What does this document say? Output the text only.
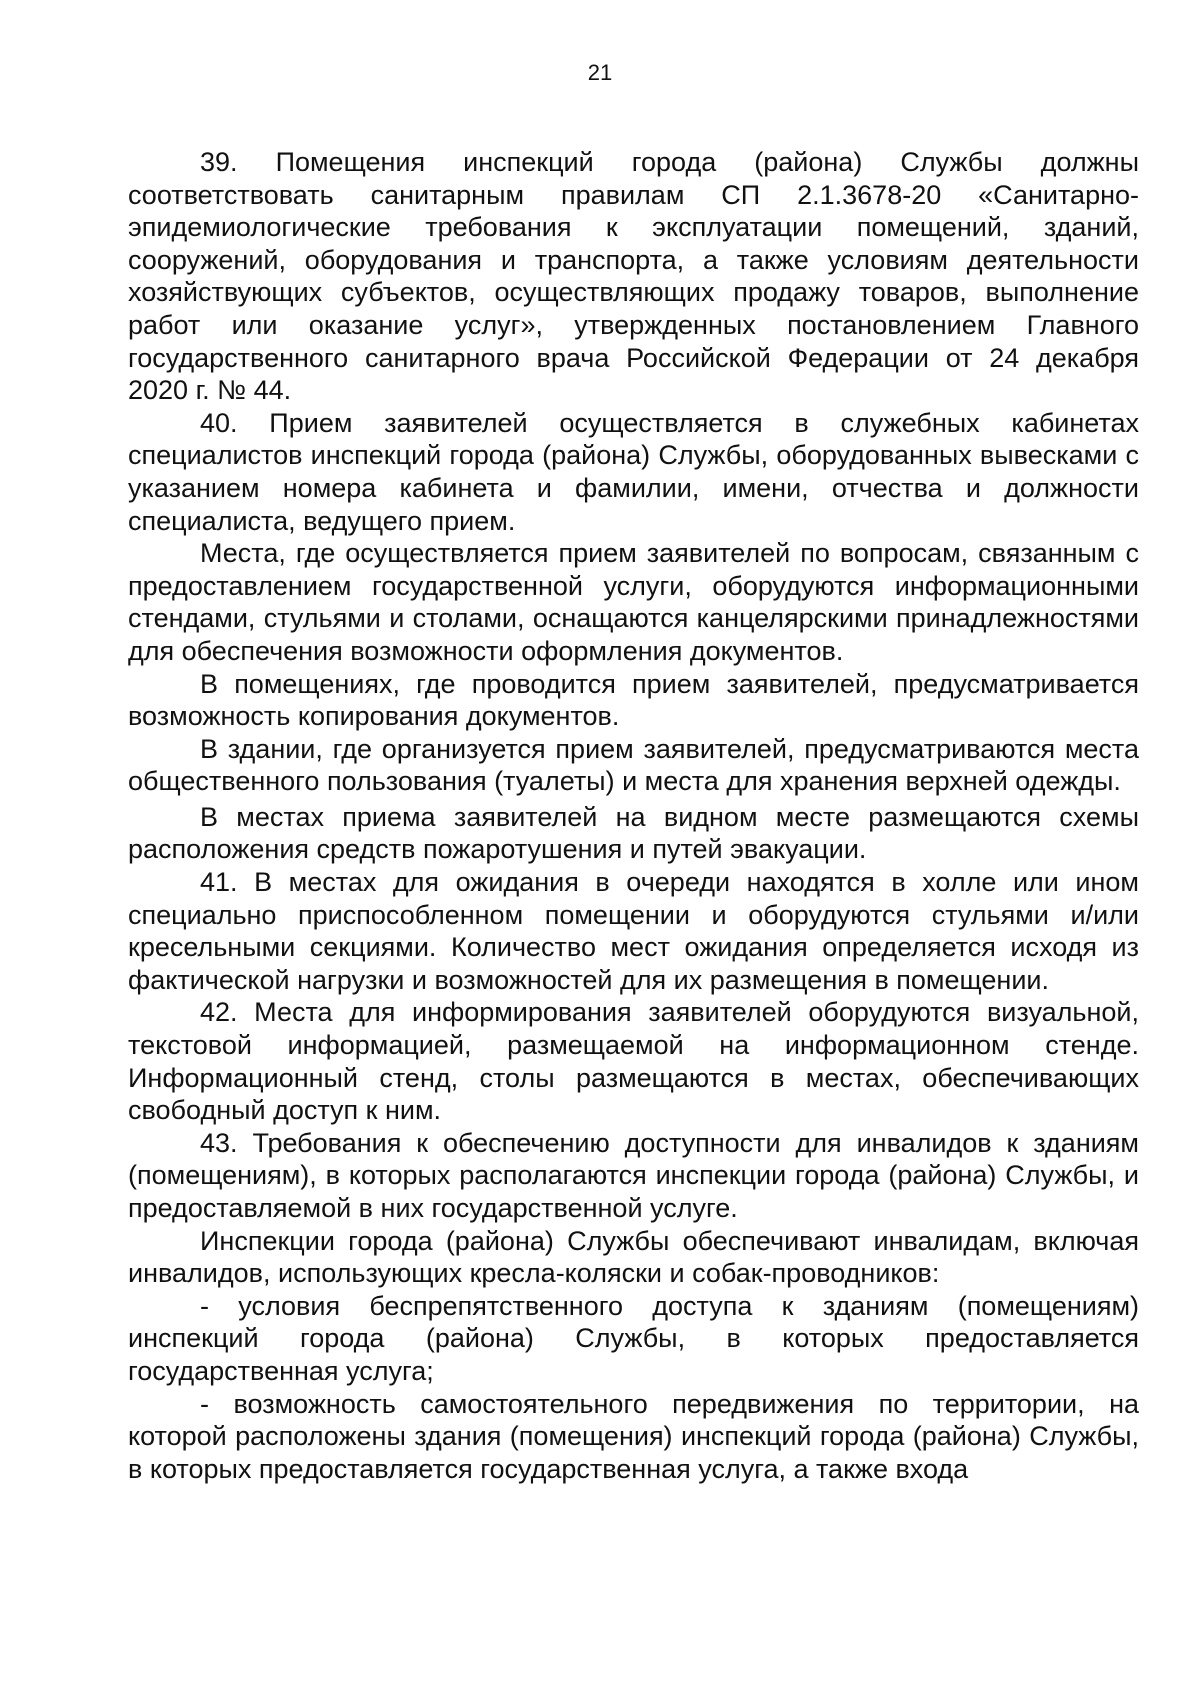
21

39. Помещения инспекций города (района) Службы должны соответствовать санитарным правилам СП 2.1.3678-20 «Санитарно-эпидемиологические требования к эксплуатации помещений, зданий, сооружений, оборудования и транспорта, а также условиям деятельности хозяйствующих субъектов, осуществляющих продажу товаров, выполнение работ или оказание услуг», утвержденных постановлением Главного государственного санитарного врача Российской Федерации от 24 декабря 2020 г. № 44.

40. Прием заявителей осуществляется в служебных кабинетах специалистов инспекций города (района) Службы, оборудованных вывесками с указанием номера кабинета и фамилии, имени, отчества и должности специалиста, ведущего прием.

Места, где осуществляется прием заявителей по вопросам, связанным с предоставлением государственной услуги, оборудуются информационными стендами, стульями и столами, оснащаются канцелярскими принадлежностями для обеспечения возможности оформления документов.

В помещениях, где проводится прием заявителей, предусматривается возможность копирования документов.

В здании, где организуется прием заявителей, предусматриваются места общественного пользования (туалеты) и места для хранения верхней одежды.

В местах приема заявителей на видном месте размещаются схемы расположения средств пожаротушения и путей эвакуации.

41. В местах для ожидания в очереди находятся в холле или ином специально приспособленном помещении и оборудуются стульями и/или кресельными секциями. Количество мест ожидания определяется исходя из фактической нагрузки и возможностей для их размещения в помещении.

42. Места для информирования заявителей оборудуются визуальной, текстовой информацией, размещаемой на информационном стенде. Информационный стенд, столы размещаются в местах, обеспечивающих свободный доступ к ним.

43. Требования к обеспечению доступности для инвалидов к зданиям (помещениям), в которых располагаются инспекции города (района) Службы, и предоставляемой в них государственной услуге.

Инспекции города (района) Службы обеспечивают инвалидам, включая инвалидов, использующих кресла-коляски и собак-проводников:

- условия беспрепятственного доступа к зданиям (помещениям) инспекций города (района) Службы, в которых предоставляется государственная услуга;

- возможность самостоятельного передвижения по территории, на которой расположены здания (помещения) инспекций города (района) Службы, в которых предоставляется государственная услуга, а также входа
